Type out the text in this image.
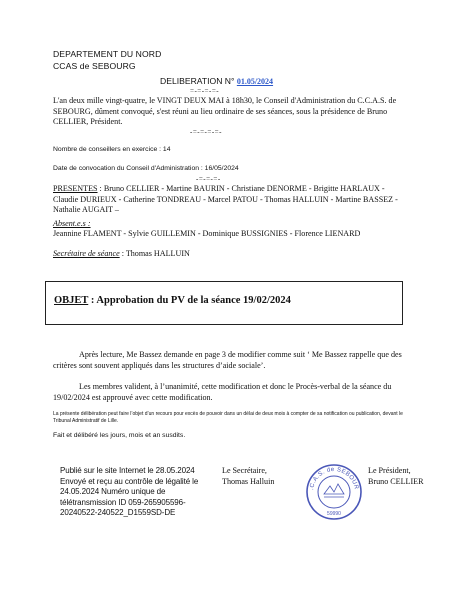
DEPARTEMENT DU NORD
CCAS de SEBOURG
DELIBERATION N° 01.05/2024
=-=-=-=-
L'an deux mille vingt-quatre, le VINGT DEUX MAI à 18h30, le Conseil d'Administration du C.C.A.S. de SEBOURG, dûment convoqué, s'est réuni au lieu ordinaire de ses séances, sous la présidence de Bruno CELLIER, Président.
-=-=-=-=-
Nombre de conseillers en exercice : 14
Date de convocation du Conseil d'Administration : 16/05/2024
-=-=-=-
PRESENTES : Bruno CELLIER - Martine BAURIN - Christiane DENORME - Brigitte HARLAUX - Claudie DURIEUX - Catherine TONDREAU - Marcel PATOU - Thomas HALLUIN - Martine BASSEZ - Nathalie AUGAIT –
Absent.e.s :
Jeannine FLAMENT - Sylvie GUILLEMIN - Dominique BUSSIGNIES - Florence LIENARD
Secrétaire de séance : Thomas HALLUIN
OBJET : Approbation du PV de la séance 19/02/2024
Après lecture, Me Bassez demande en page 3 de modifier comme suit ‘ Me Bassez rappelle que des critères sont souvent appliqués dans les structures d’aide sociale’.
Les membres valident, à l’unanimité, cette modification et donc le Procès-verbal de la séance du 19/02/2024 est approuvé avec cette modification.
La présente délibération peut faire l’objet d’un recours pour excès de pouvoir dans un délai de deux mois à compter de sa notification ou publication, devant le Tribunal Administratif de Lille.
Fait et délibéré les jours, mois et an susdits.
Publié sur le site Internet le 28.05.2024
Envoyé et reçu au contrôle de légalité le
24.05.2024 Numéro unique de
télétransmission ID 059-265905596-
20240522-240522_D1559SD-DE
Le Secrétaire,
Thomas Halluin
Le Président,
Bruno CELLIER
.C.A.S. de SEBOUR
59990
